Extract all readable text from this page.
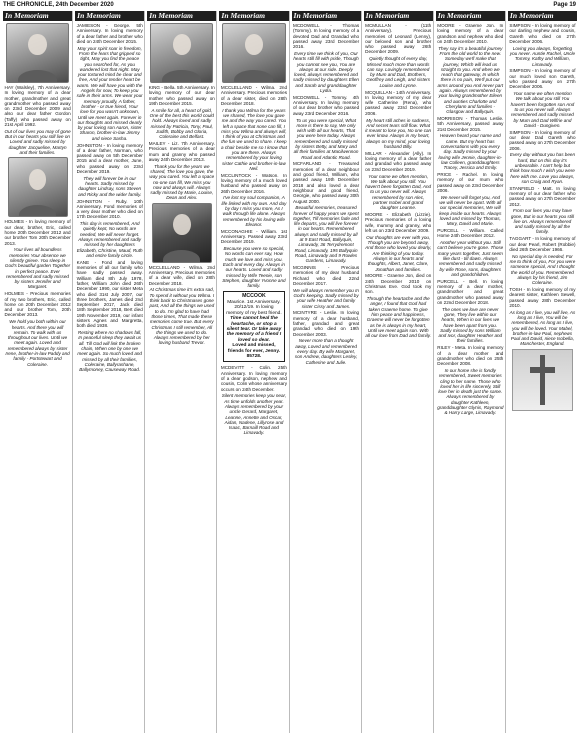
THE CHRONICLE, 24th December 2020	Page 19
In Memoriam

HAY (Walsley), 7th Anniversary. In loving memory of a dear mother, grandmother and great grandmother who passed away on 23rd December 2009 and also our dear father Gordon (Taffy) who passed away on 21st April 1992.

Out of our lives you may of gone But in our hearts you still live on Loved and sadly missed by daughter Jacqueline, Martyn and their families.

HOLMES - In loving memory of our dear, brother, Eric, called home 20th December 2012 and our brother Tom 20th December 2013.

Your lives all boundless memories Your absence we silently grieve. You sleep in God's beautiful garden Together in perfect peace. Ever remembered and sadly missed by sisters Jennifer and Margaret.

HOLMES - Precious memories of my two brothers, Eric, called home on 20th December 2012 and our brother Tom, 20th December 2013.

We hold you both within our hearts. And there you will remain. To walk with us throughout our lives. Until we meet again. Loved and remembered always by sister Irene, brother-in-law Paddy and family - Portstewart and Coleraine.

In Memoriam

JAMIESON - George. 5th Anniversary. In loving memory of a dear father and brother who died on 24th December 2015.

May your spirit soar in freedom, From the fears that gripped so tight, May you find the peace you searched for, As you wandered lost that night. May your tortured mind be clear and free, And your tender heart be warm. We will have you with the Angels for now, To keep you safe in their arms. We wear your memory proudly, A father, brother - or true friend, Your love for you wasn't unknown, Until we meet again. Forever in our thoughts and missed dearly by your loving son Aaron, sister Sharon, brother-in-law Jimmy and niece Sasha.

JOHNSTON - In loving memory of a dear father, Norman, who passed away on 5th December 2015 and a dear mother, June, who passed away on 23rd December 2019.

They will forever be in our hearts. Sadly missed by daughter Lindsay, sons Steven and Ricky and the wider family.

JOHNSTON - Ruby. 10th Anniversary. Fond memories of a very dear mother who died on 17th December 2010.

This day is remembered, And quietly kept, No words are needed, We will never forget. Always remembered and sadly missed by her daughters Elizabeth, Christine, Maud, Ruth and entire family circle.

KANE - Fond and loving memories of all our family who have sadly passed away. William died 8th July 1978, father, William John died 26th December 1990, our sister Meta who died 31st July 2007, our three brothers, James died 2nd September 2017, Jack died 18th September 2018, Bert died 19th November 2019, our infant sisters Agnes and Margretta, both died 1938.

Resting where no shadows fall, In peaceful sleep they await us all. Till God will link the broken chain, When one by one we meet again. So much loved and missed by all their families, Coleraine, Ballyrashane, Ballymoney, Causeway Road.

In Memoriam

KING - Bella. 5th Anniversary. In loving memory of our dear mother who passed away on 19th December 2015.

A smile for all, a heart of gold, One of the best this world could hold. Always loved and sadly missed by Patricia, Tony, Paul, Judith, Bobby and Gloria, Coleraine and Belfast.

MAILEY - Liz. 7th Anniversary. Precious memories of a dear mum and granny who passed away 24th December 2013.

Thank you for the years we shared, The love you gave, the way you cared. You left a space no-one can fill, We miss you now and always will. Always sadly missed by Marie, Louise, Dean and Alex.

MCCLELLAND - Wilma. 2nd Anniversary. Precious memories of a dear wife, died on 28th December 2018.

At Christmas time it's extra sad, To spend it without you Wilma. I think back to Christmases gone past, And all the things we used to do. I'm glad to have had those times, That made these memories come true. But every Christmas I still remember, All the things we used to do. Always remembered by her loving husband Trevor.

In Memoriam

MCCLELLAND - Wilma. 2nd Anniversary. Precious memories of a dear sister, died on 28th December 2018.

I thank you Wilma for the years we shared, The love you gave me and the way you cared. You left a space that none can fill, I miss you Wilma and always will, I think of you at Christmas and the fun we used to share. I keep a chair beside me so I know that you are there. Always remembered by your loving sister Cathie and brother-in-law Neil.

MCCLINTOCK - Watson. In loving memory of a much loved husband who passed away on 26th December 2016.

I've lost my soul companion, A life linked with my own. And day by day I miss you more, As I walk through life alone. Always remembered by his loving wife Eleanor.

MCCONAGHIE - William. 1st Anniversary. Passed away 23rd December 2019.

Because you were so special, No words can ever say, How much we love and miss you. Each and every day. Always in our hearts. Loved and sadly missed by Wife Teenie, son Stephen, daughter Yvonne and family.

MCCOOK
Maurice. 1st Anniversary. 20/12/19. In loving memory of my best friend.
Time cannot heal the heartache, or stop a silent tear. Or take away the memory of a friend I loved so dear.
Loved and missed, friends for ever, Jenny. 85728.

MCDEVITT - Colin. 25th Anniversary. In loving memory of a dear godson, nephew and cousin, Colin whose anniversary occurs on 24th December.

Silent memories keep you near, As time unfolds another year. Always remembered by your uncle Gerard, Margaret, Leanne, Annette and Oscar, Aidan, Nadene, Lillyrose and Isaac, Barnaill Road and Limavady.

In Memoriam

MCDOWELL - Thomas (Tommy). In loving memory of a devoted Dad and Grandad who passed away 23rd December 2016.

Every time we think of you, Our hearts still fill with pride, Though you cannot see you, You are always at our side. Deeply loved, always remembered and sadly missed by daughters Ellen and Sarah and granddaughter Lydia.

MCDOWELL - Tommy. 4th Anniversary. In loving memory of our dear brother who passed away 23rd December 2016.

To us you were special, What more is there to say, We only wish with all our hearts, That you were here today. Always remembered and sadly missed by sisters Betty, and Mary and all their families at Macilwennon Road and Atlantic Road.

MCFARLAND - Treasured memories of a dear neighbour and good friend, William, who passed away 19th December 2018 and also loved a dear neighbour and good friend, Georgie, who passed away 30th August 2000.

Beautiful memories, treasured forever of happy years we spent together, Till memories fade and life departs, you will live forever in our hearts. Remembered always and sadly missed by all at 9 East Road, Ballyquin, Limavady, 36 Terrydremont Road, Limavady, 195 Ballyquin Road, Limavady and 9 Rowles Gardens, Limavady.

MCGINNIS - Precious memories of my dear husband Richard who died 22nd December 2017.

We will always remember you In God's keeping. Sadly missed by your wife Heather and family sister Cissy and James.

MCINTYRE - Leslie. In loving memory of a dear husband, father, grandad and great grandad who died on 19th December 2003.

Never more than a thought away, Loved and remembered every day. By wife Margaret, son Andrew, daughters Lesley, Catherine and Julie.

In Memoriam

MCMULLAN - (11th Anniversary). Precious memories of Leonard (Lenny), our beloved son and brother who passed away 26th December 2009.

Quietly thought of every day, Missed much more than words can say. Lovingly remembered by Mum and Dad, Brothers, Geoffrey and Leigh, and sisters Louise and Lynne.

MCQUILLAN - 14th Anniversary. In loving memory of my dear wife Catherine (Rena), who passed away 23rd December 2006.

My heart still aches in sadness, And secret tears still flow. What it meant to lose you, No one can ever know. Always in my heart, always on my mind, your loving husband Billy.

MILLAR - Alexander (Ally). In loving memory of a dear father and grandad who passed away on 23rd December 2019.

Your name we often mention, We talk about you still. You haven't been forgotten Dad, And to us you never will. Always remembered by son Alec, partner Isobel and grand daughter Leanne.

MOORE - Elizabeth (Lizzie). Precious memories of a loving wife, mummy and granny, who left us on 23rd December 2009.

Our thoughts are ever with you, Though you are beyond away, And those who loved you dearly, Are thinking of you today. Always in our hearts and thoughts, Albert, Janet, Clare, Jonathan and families.

MOORE - Graeme Jon, died on 24th December 2010 on Christmas Eve. God took my son.

Through the heartache and the anger, I found that God had taken Graeme home. To give him peace and happiness, Graeme will never be forgotten as he is always in my heart, Until we meet again son. With all our love from Dad and family.

In Memoriam

MOORE - Graeme Jon. In loving memory of a dear grandson and nephew who died on 24th December 2010.

They say it's a beautiful journey From the old world to the new. Someday we'll make that journey, Which will lead us straight to you. And when we reach that gateway, In which there is no pain, We'll put our arms around you And never part again. Always remembered by your loving grandmother Eileen and aunties Charlotte and Cherylann and families - Glasgow and Ballyquin.

MORRISON - Thomas Leslie. 5th Anniversary, passed away 21st December 2015.

Heaven heard your name and came. But my heart has conversations with you every day. Sadly missed by your loving wife Jennie, daughter-in-law Colleen, granddaughters Tracey, Jessica and Emily.

PRICE - Rachel. In loving memory of our mum who passed away on 23rd December 2006.

We never will forget you, And we will never be apart. With all our special memories, We will keep inside our hearts. Always loved and missed by Thomas, Mary, David and Marie.

PURCELL - William. Called Home 24th December 2012.

Another year without you. Still can't believe you're gone. Those many years together, Just seem like dust - till dawn. Always remembered and sadly missed by wife Rose, sons, daughters and grandchildren.

PURCELL - Bell. In loving memory of a dear mother, grandmother and great grandmother who passed away on 22nd December 2018.

The ones we love are never gone, They live within our hearts, When in our lives we have been apart from you. Sadly missed by sons William and Ivor, daughter Heather and their families.

RILEY - Meta. In loving memory of a dear mother and grandmother who died on 25th December 2008.

In our home she is fondly remembered, Sweet memories cling to her name. Those who loved her in life sincerely, Still love her in death just the same. Always remembered by daughter Kathleen, granddaughter Glynis, Raymond & Harry Large, Limavady.

In Memoriam

SIMPSON - In loving memory of our darling nephew and cousin, Gareth who died on 27th December 2006.

Loving you always, forgetting you never. Auntie Rachel, Uncle Tommy, Kathy and William, Limavady.

SIMPSON - In loving memory of our much loved son Gareth, who passed away on 27th December 2006.

Your name we often mention We talk about you still You haven't been forgotten son And to us you never will. Always remembered and sadly missed by Mum and Dad Wilfrie and David - Dungiven.

SIMPSON - In loving memory of our dear Dad Gareth who passed away on 27th December 2006.

Every day without you has been hard, But on this day it's unbearable. I can't help but think how much I wish you were here with me. Love you always, son Craig and Ryan.

STANFIELD - Matt. In loving memory of our dear father who passed away on 27th December 2012.

From our lives you may have gone, But in our hearts you still live on. Always remembered and sadly missed by all the family.

TAGGART - In loving memory of our dear Pearl, Robert (Robbie) died 26th December 1966.

No special day is needed, For me to think of you, For you were someone special, And I thought the world of you. Remembered always by his friend, Jim Coleraine.

TOSH - In loving memory of my dearest sister, Kathleen Sewell, passed away 28th December 2010.

As long as I live, you will live, As long as I live, You will be remembered, As long as I live, you will be loved. Your Mabel, brother-in-law Paul, nephews Paul and David, niece Isobella, Manchester, England.
